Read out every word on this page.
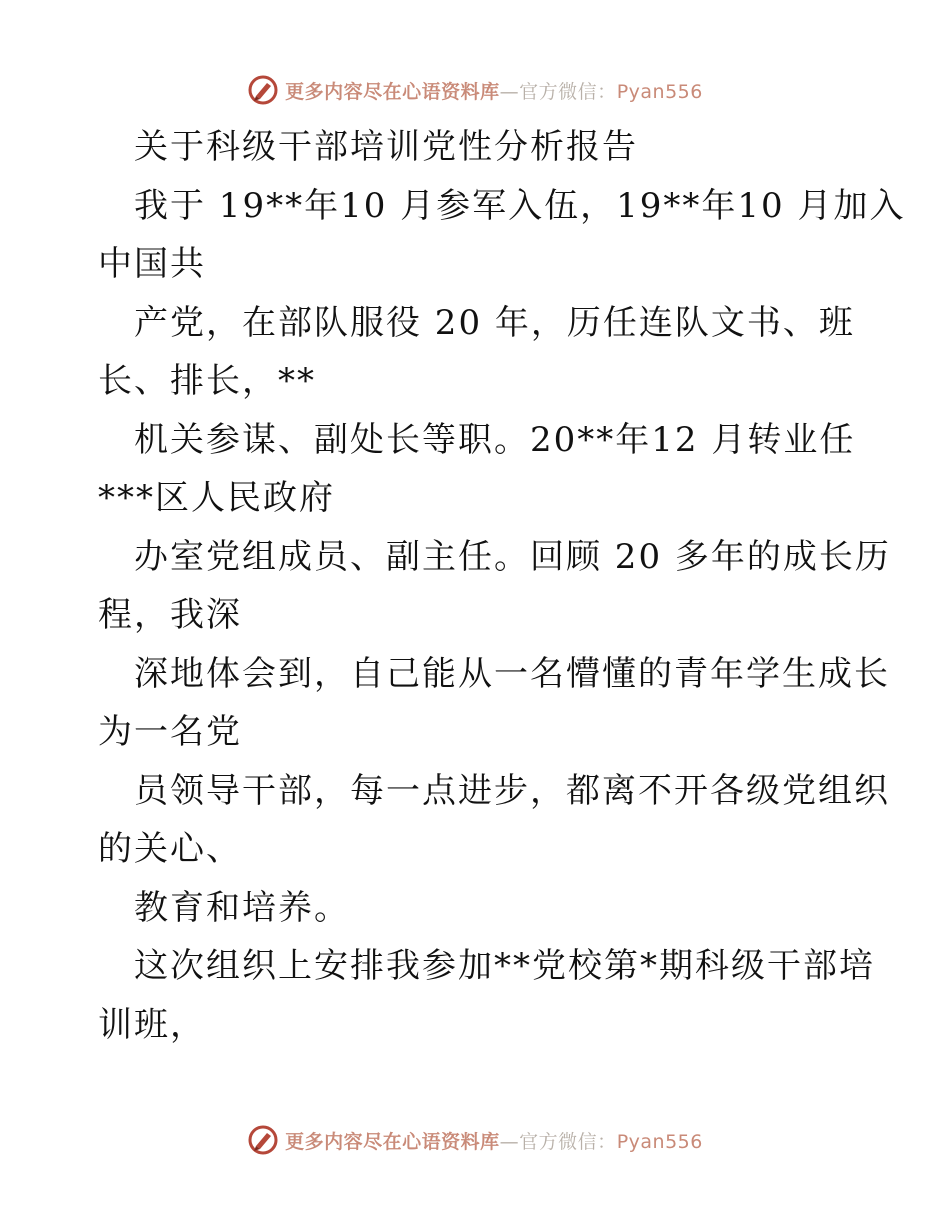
更多内容尽在心语资料库—官方微信：Pyan556
关于科级干部培训党性分析报告
我于 19**年10 月参军入伍，19**年10 月加入
中国共
产党，在部队服役 20 年，历任连队文书、班
长、排长，**
机关参谋、副处长等职。20**年12 月转业任
***区人民政府
办室党组成员、副主任。回顾 20 多年的成长历
程，我深
深地体会到，自己能从一名懵懂的青年学生成长
为一名党
员领导干部，每一点进步，都离不开各级党组织
的关心、
教育和培养。
这次组织上安排我参加**党校第*期科级干部培
训班，
更多内容尽在心语资料库—官方微信：Pyan556
